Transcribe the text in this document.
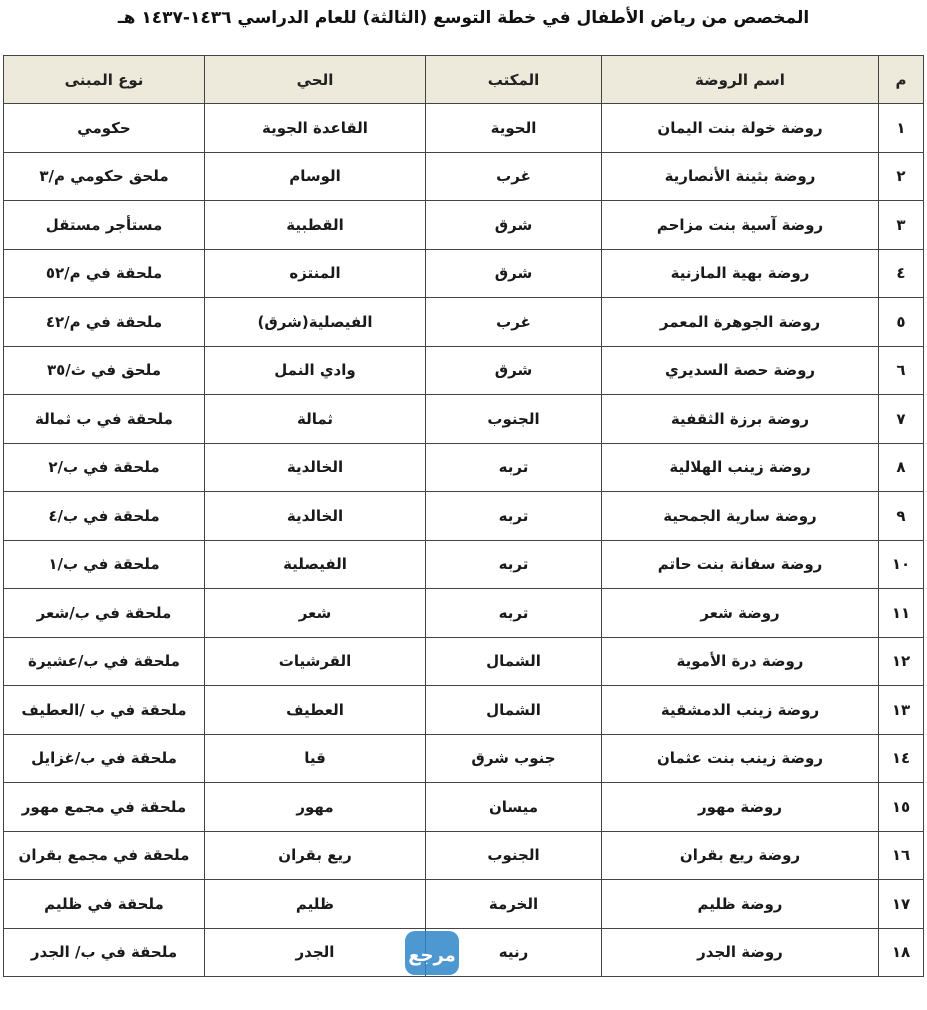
المخصص من رياض الأطفال في خطة التوسع (الثالثة) للعام الدراسي ١٤٣٦-١٤٣٧ هـ
م	اسم الروضة	المكتب	الحي	نوع المبنى
١	روضة خولة بنت اليمان	الحوية	القاعدة الجوية	حكومي
٢	روضة بثينة الأنصارية	غرب	الوسام	ملحق حكومي م/٣
٣	روضة آسية بنت مزاحم	شرق	القطبية	مستأجر مستقل
٤	روضة بهية المازنية	شرق	المنتزه	ملحقة في م/٥٢
٥	روضة الجوهرة المعمر	غرب	الفيصلية(شرق)	ملحقة في م/٤٢
٦	روضة حصة السديري	شرق	وادي النمل	ملحق في ث/٣٥
٧	روضة برزة الثقفية	الجنوب	ثمالة	ملحقة في ب ثمالة
٨	روضة زينب الهلالية	تربه	الخالدية	ملحقة في ب/٢
٩	روضة سارية الجمحية	تربه	الخالدية	ملحقة في ب/٤
١٠	روضة سفانة بنت حاتم	تربه	الفيصلية	ملحقة في ب/١
١١	روضة شعر	تربه	شعر	ملحقة في ب/شعر
١٢	روضة درة الأموية	الشمال	القرشيات	ملحقة في ب/عشيرة
١٣	روضة زينب الدمشقية	الشمال	العطيف	ملحقة في ب /العطيف
١٤	روضة زينب بنت عثمان	جنوب شرق	قيا	ملحقة في ب/غزايل
١٥	روضة مهور	ميسان	مهور	ملحقة في مجمع مهور
١٦	روضة ريع بقران	الجنوب	ريع بقران	ملحقة في مجمع بقران
١٧	روضة ظليم	الخرمة	ظليم	ملحقة في ظليم
١٨	روضة الجدر	رنيه	الجدر	ملحقة في ب/ الجدر	مرجع
